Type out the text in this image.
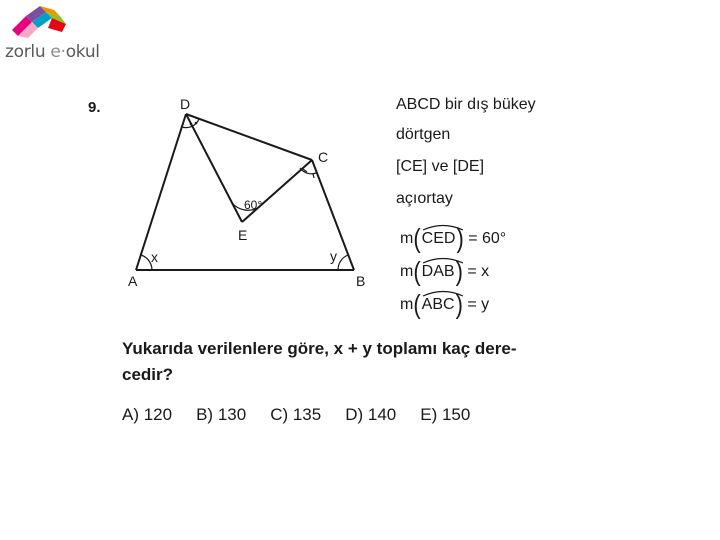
zorlu e·okul
9.	D
C
A	B
E
x	y
60°
ABCD bir dış bükey
dörtgen
[CE] ve [DE]
açıortay
m ( CED )
= 60°
m ( DAB )
= x
m ( ABC )
= y
Yukarıda verilenlere göre, x + y toplamı kaç dere-
cedir?
A) 120 B) 130 C) 135 D) 140 E) 150
